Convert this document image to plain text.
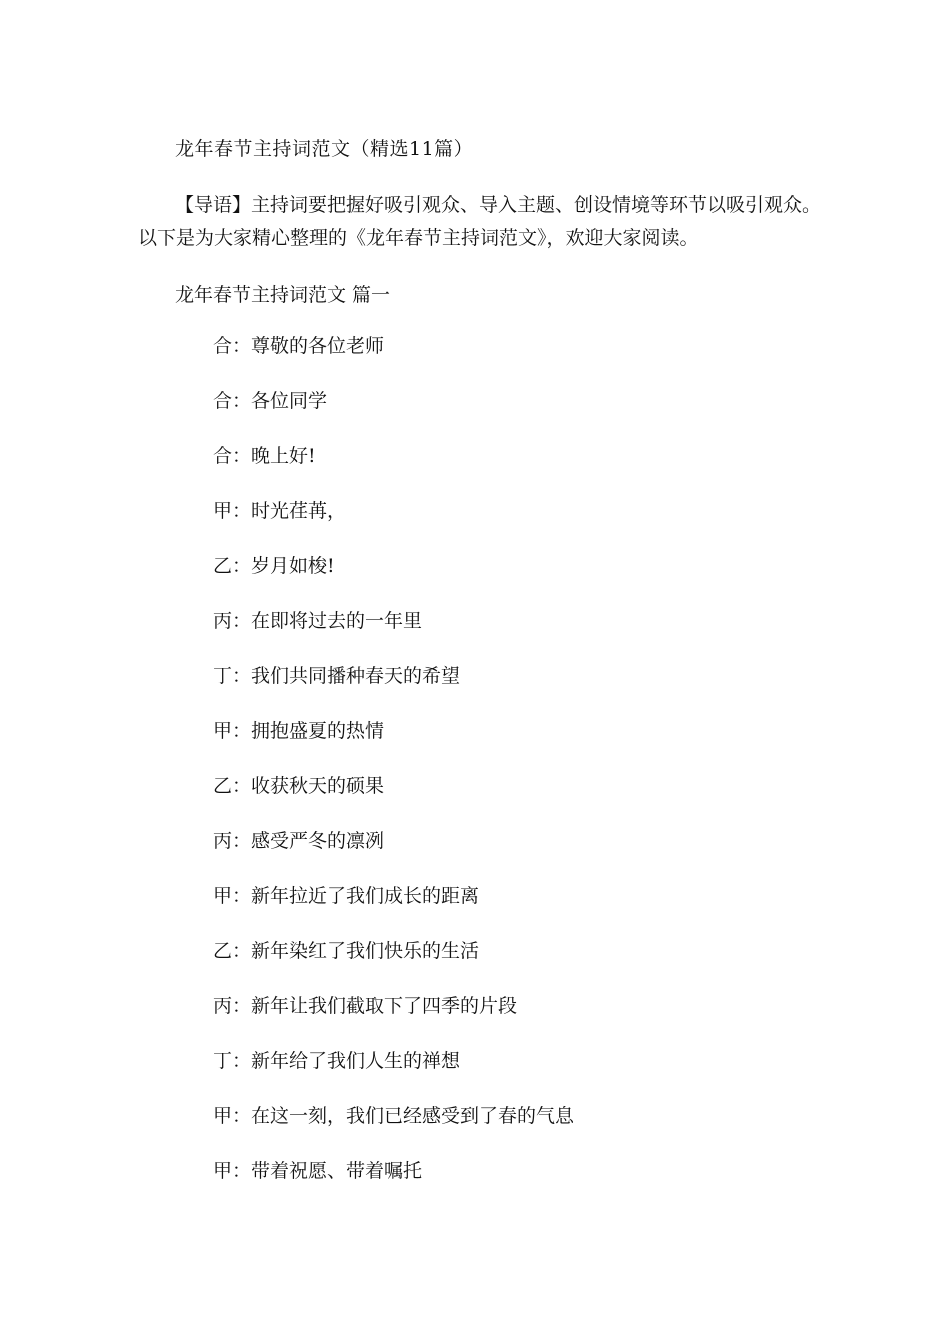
龙年春节主持词范文（精选11篇）
【导语】主持词要把握好吸引观众、导入主题、创设情境等环节以吸引观众。
以下是为大家精心整理的《龙年春节主持词范文》，欢迎大家阅读。
龙年春节主持词范文 篇一
合：尊敬的各位老师
合：各位同学
合：晚上好!
甲：时光荏苒，
乙：岁月如梭!
丙：在即将过去的一年里
丁：我们共同播种春天的希望
甲：拥抱盛夏的热情
乙：收获秋天的硕果
丙：感受严冬的凛冽
甲：新年拉近了我们成长的距离
乙：新年染红了我们快乐的生活
丙：新年让我们截取下了四季的片段
丁：新年给了我们人生的禅想
甲：在这一刻，我们已经感受到了春的气息
甲：带着祝愿、带着嘱托
